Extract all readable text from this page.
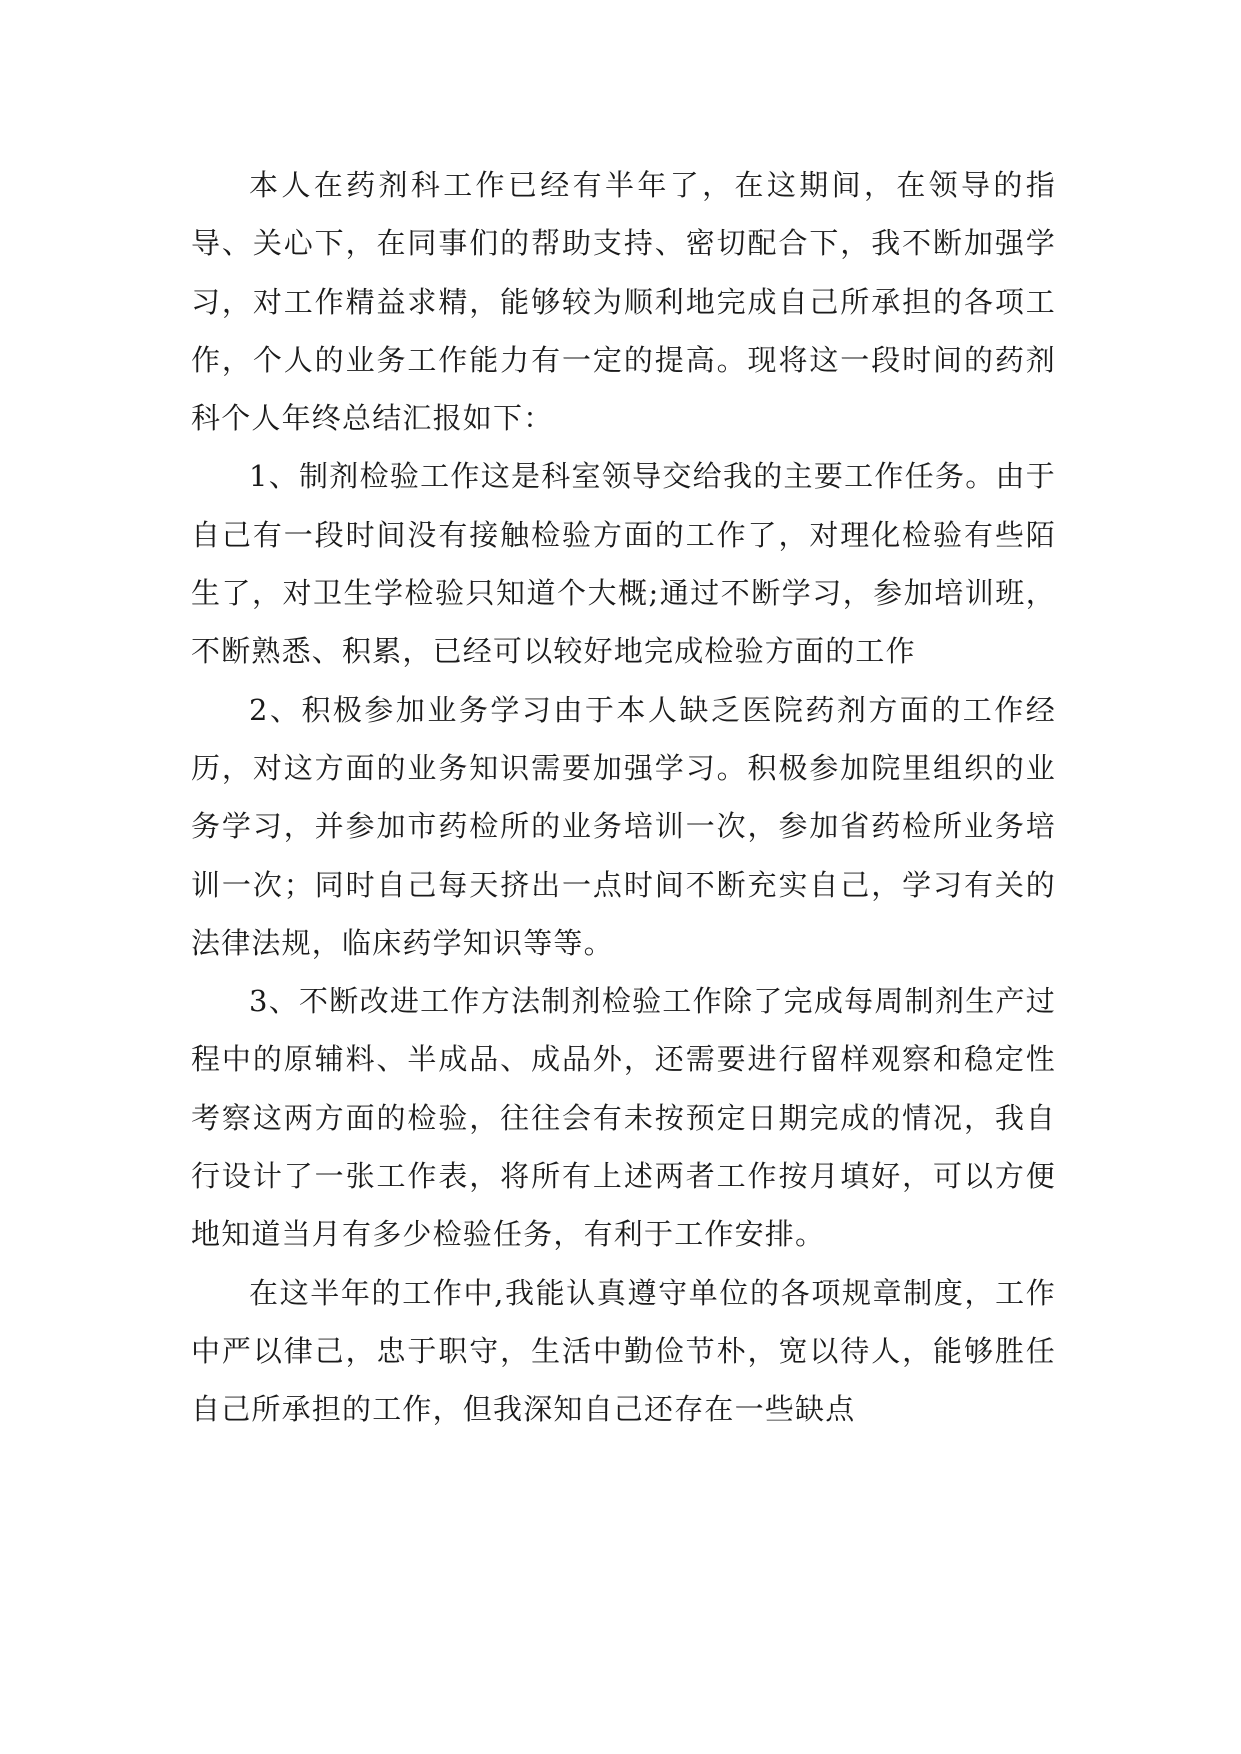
本人在药剂科工作已经有半年了，在这期间，在领导的指导、关心下，在同事们的帮助支持、密切配合下，我不断加强学习，对工作精益求精，能够较为顺利地完成自己所承担的各项工作，个人的业务工作能力有一定的提高。现将这一段时间的药剂科个人年终总结汇报如下：

1、制剂检验工作这是科室领导交给我的主要工作任务。由于自己有一段时间没有接触检验方面的工作了，对理化检验有些陌生了，对卫生学检验只知道个大概;通过不断学习，参加培训班，不断熟悉、积累，已经可以较好地完成检验方面的工作

2、积极参加业务学习由于本人缺乏医院药剂方面的工作经历，对这方面的业务知识需要加强学习。积极参加院里组织的业务学习，并参加市药检所的业务培训一次，参加省药检所业务培训一次；同时自己每天挤出一点时间不断充实自己，学习有关的法律法规，临床药学知识等等。

3、不断改进工作方法制剂检验工作除了完成每周制剂生产过程中的原辅料、半成品、成品外，还需要进行留样观察和稳定性考察这两方面的检验，往往会有未按预定日期完成的情况，我自行设计了一张工作表，将所有上述两者工作按月填好，可以方便地知道当月有多少检验任务，有利于工作安排。

在这半年的工作中,我能认真遵守单位的各项规章制度，工作中严以律己，忠于职守，生活中勤俭节朴，宽以待人，能够胜任自己所承担的工作，但我深知自己还存在一些缺点
